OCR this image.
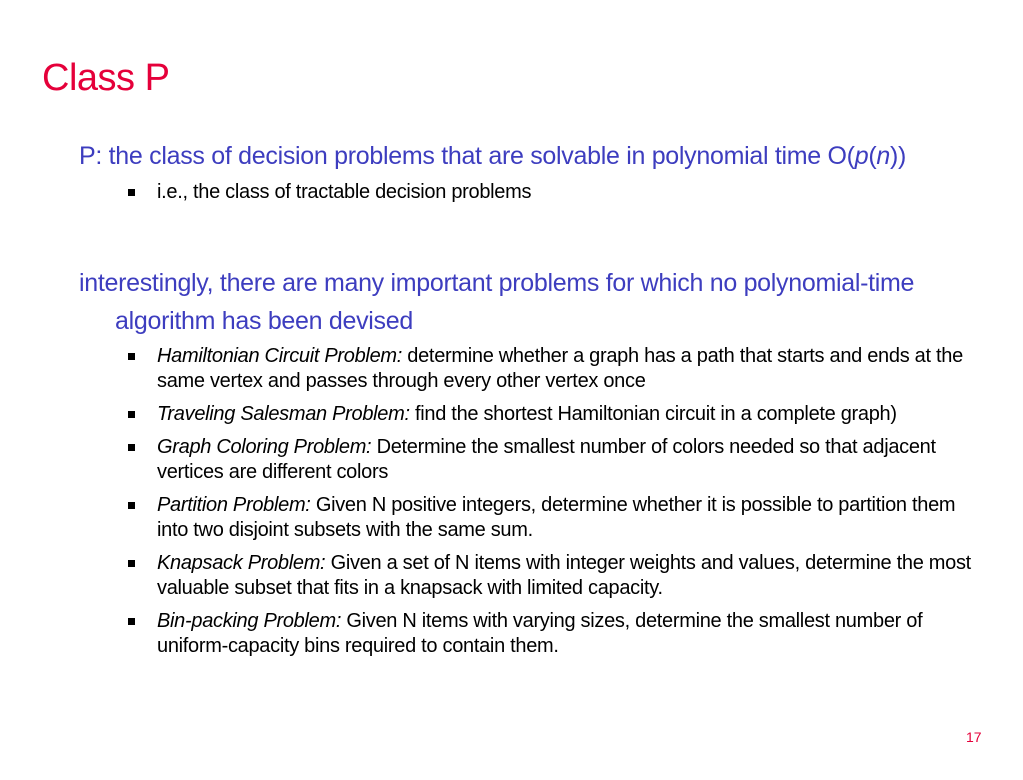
Class P

P: the class of decision problems that are solvable in polynomial time O(p(n))

i.e., the class of tractable decision problems

interestingly, there are many important problems for which no polynomial-time algorithm has been devised

Hamiltonian Circuit Problem: determine whether a graph has a path that starts and ends at the same vertex and passes through every other vertex once
Traveling Salesman Problem: find the shortest Hamiltonian circuit in a complete graph)
Graph Coloring Problem: Determine the smallest number of colors needed so that adjacent vertices are different colors
Partition Problem: Given N positive integers, determine whether it is possible to partition them into two disjoint subsets with the same sum.
Knapsack Problem: Given a set of N items with integer weights and values, determine the most valuable subset that fits in a knapsack with limited capacity.
Bin-packing Problem: Given N items with varying sizes, determine the smallest number of uniform-capacity bins required to contain them.
17
